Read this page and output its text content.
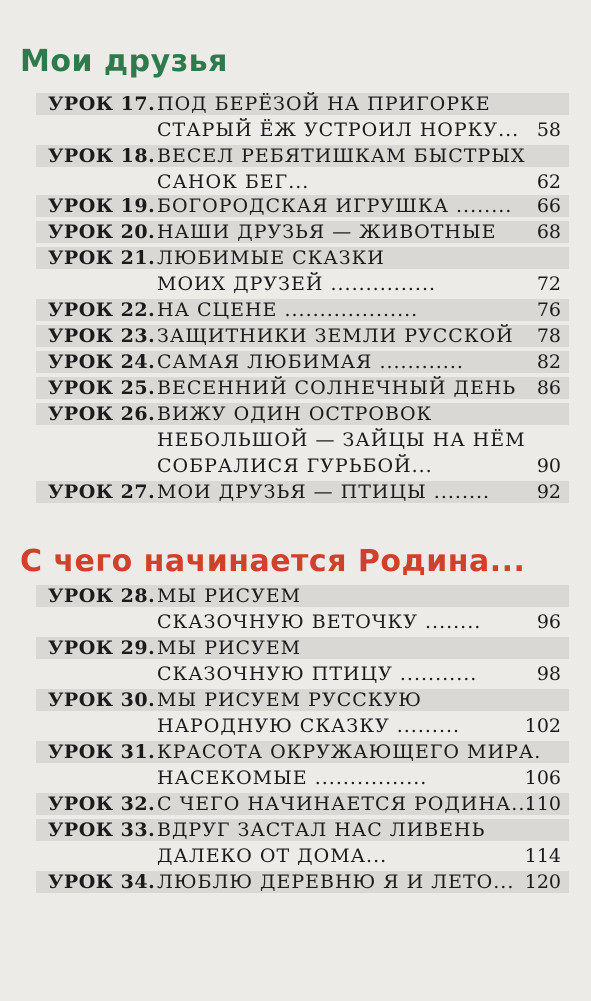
Мои друзья
УРОК 17. ПОД БЕРЁЗОЙ НА ПРИГОРКЕ
СТАРЫЙ ЁЖ УСТРОИЛ НОРКУ... 58
УРОК 18. ВЕСЕЛ РЕБЯТИШКАМ БЫСТРЫХ
САНОК БЕГ...	62
УРОК 19. БОГОРОДСКАЯ ИГРУШКА ........	66
УРОК 20. НАШИ ДРУЗЬЯ — ЖИВОТНЫЕ	68
УРОК 21. ЛЮБИМЫЕ СКАЗКИ
МОИХ ДРУЗЕЙ ...............	72
УРОК 22. НА СЦЕНЕ ...................	76
УРОК 23. ЗАЩИТНИКИ ЗЕМЛИ РУССКОЙ	78
УРОК 24. САМАЯ ЛЮБИМАЯ ............	82
УРОК 25. ВЕСЕННИЙ СОЛНЕЧНЫЙ ДЕНЬ	86
УРОК 26. ВИЖУ ОДИН ОСТРОВОК
НЕБОЛЬШОЙ — ЗАЙЦЫ НА НЁМ
СОБРАЛИСЯ ГУРЬБОЙ...	90
УРОК 27. МОИ ДРУЗЬЯ — ПТИЦЫ ........	92
С чего начинается Родина...
УРОК 28. МЫ РИСУЕМ
СКАЗОЧНУЮ ВЕТОЧКУ ........	96
УРОК 29. МЫ РИСУЕМ
СКАЗОЧНУЮ ПТИЦУ ...........	98
УРОК 30. МЫ РИСУЕМ РУССКУЮ
НАРОДНУЮ СКАЗКУ .........	102
УРОК 31. КРАСОТА ОКРУЖАЮЩЕГО МИРА.
НАСЕКОМЫЕ ................	106
УРОК 32. С ЧЕГО НАЧИНАЕТСЯ РОДИНА...
110
УРОК 33. ВДРУГ ЗАСТАЛ НАС ЛИВЕНЬ
ДАЛЕКО ОТ ДОМА...	114
УРОК 34. ЛЮБЛЮ ДЕРЕВНЮ Я И ЛЕТО... 120
